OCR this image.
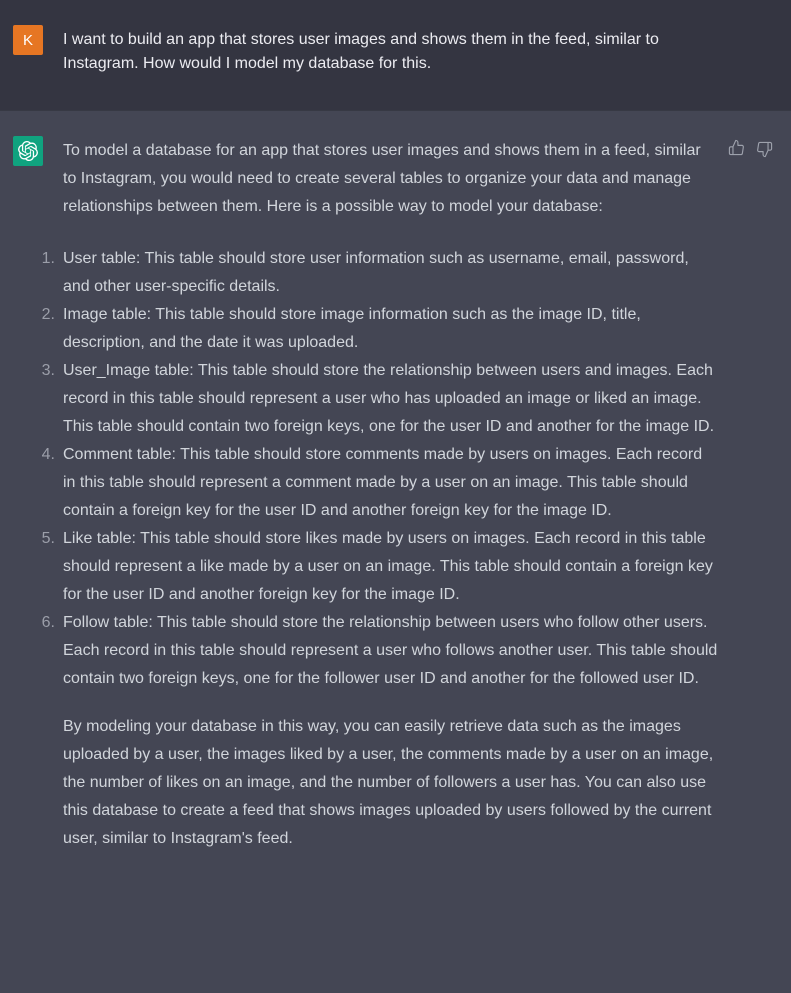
K I want to build an app that stores user images and shows them in the feed, similar to Instagram. How would I model my database for this.

To model a database for an app that stores user images and shows them in a feed, similar to Instagram, you would need to create several tables to organize your data and manage relationships between them. Here is a possible way to model your database:

1. User table: This table should store user information such as username, email, password, and other user-specific details.
2. Image table: This table should store image information such as the image ID, title, description, and the date it was uploaded.
3. User_Image table: This table should store the relationship between users and images. Each record in this table should represent a user who has uploaded an image or liked an image. This table should contain two foreign keys, one for the user ID and another for the image ID.
4. Comment table: This table should store comments made by users on images. Each record in this table should represent a comment made by a user on an image. This table should contain a foreign key for the user ID and another foreign key for the image ID.
5. Like table: This table should store likes made by users on images. Each record in this table should represent a like made by a user on an image. This table should contain a foreign key for the user ID and another foreign key for the image ID.
6. Follow table: This table should store the relationship between users who follow other users. Each record in this table should represent a user who follows another user. This table should contain two foreign keys, one for the follower user ID and another for the followed user ID.

By modeling your database in this way, you can easily retrieve data such as the images uploaded by a user, the images liked by a user, the comments made by a user on an image, the number of likes on an image, and the number of followers a user has. You can also use this database to create a feed that shows images uploaded by users followed by the current user, similar to Instagram's feed.
